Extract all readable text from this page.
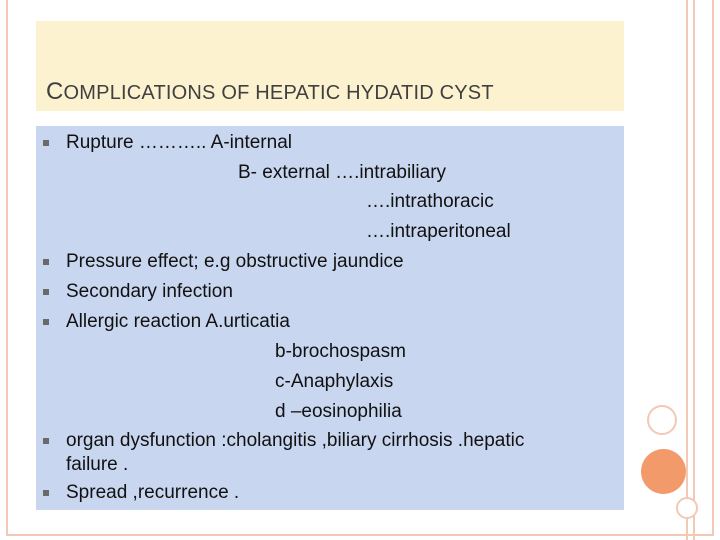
COMPLICATIONS OF HEPATIC HYDATID CYST
Rupture ……….. A-internal
B- external ….intrabiliary
….intrathoracic
….intraperitoneal
Pressure effect; e.g obstructive jaundice
Secondary infection
Allergic reaction A.urticatia
b-brochospasm
c-Anaphylaxis
d –eosinophilia
organ dysfunction :cholangitis ,biliary cirrhosis .hepatic
failure .
Spread ,recurrence .
